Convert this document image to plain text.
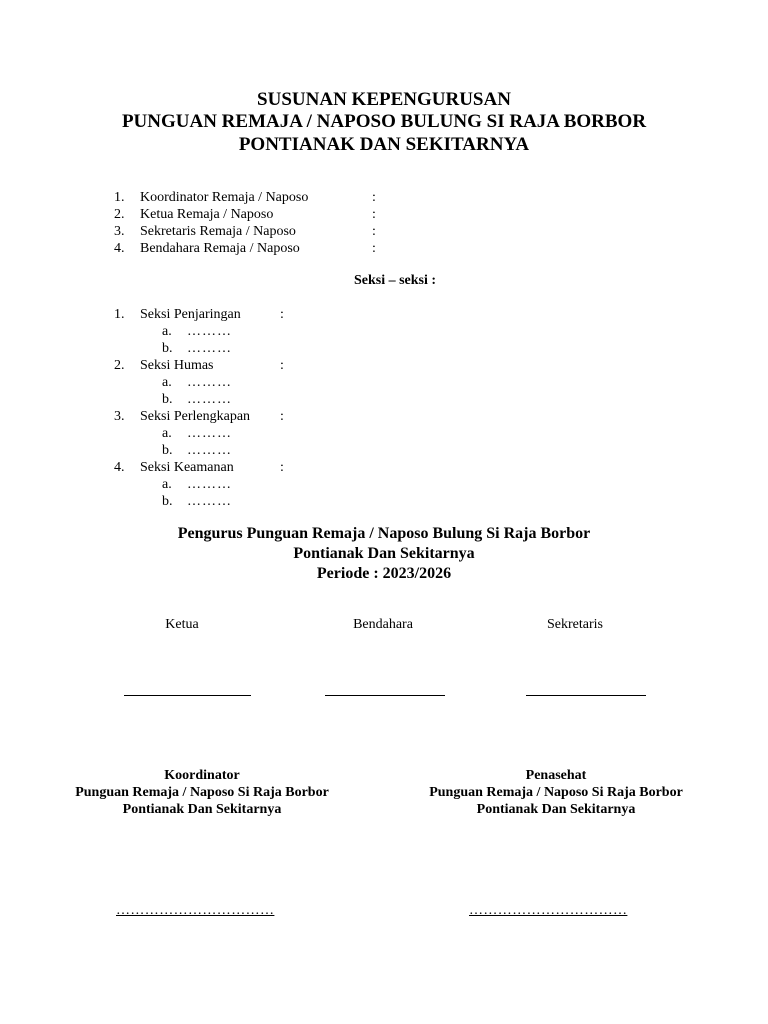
SUSUNAN KEPENGURUSAN
PUNGUAN REMAJA / NAPOSO BULUNG SI RAJA BORBOR
PONTIANAK DAN SEKITARNYA
1.	Koordinator Remaja / Naposo	:
2.	Ketua Remaja / Naposo	:
3.	Sekretaris Remaja / Naposo	:
4.	Bendahara Remaja / Naposo	:
Seksi – seksi :
1.	Seksi Penjaringan	:
a.	………
b.	………
2.	Seksi Humas	:
a.	………
b.	………
3.	Seksi Perlengkapan	:
a.	………
b.	………
4.	Seksi Keamanan	:
a.	………
b.	………
Pengurus Punguan Remaja / Naposo Bulung Si Raja Borbor
Pontianak Dan Sekitarnya
Periode : 2023/2026
Ketua	Bendahara	Sekretaris
Koordinator
Punguan Remaja / Naposo Si Raja Borbor
Pontianak Dan Sekitarnya
Penasehat
Punguan Remaja / Naposo Si Raja Borbor
Pontianak Dan Sekitarnya
……………………………	……………………………
